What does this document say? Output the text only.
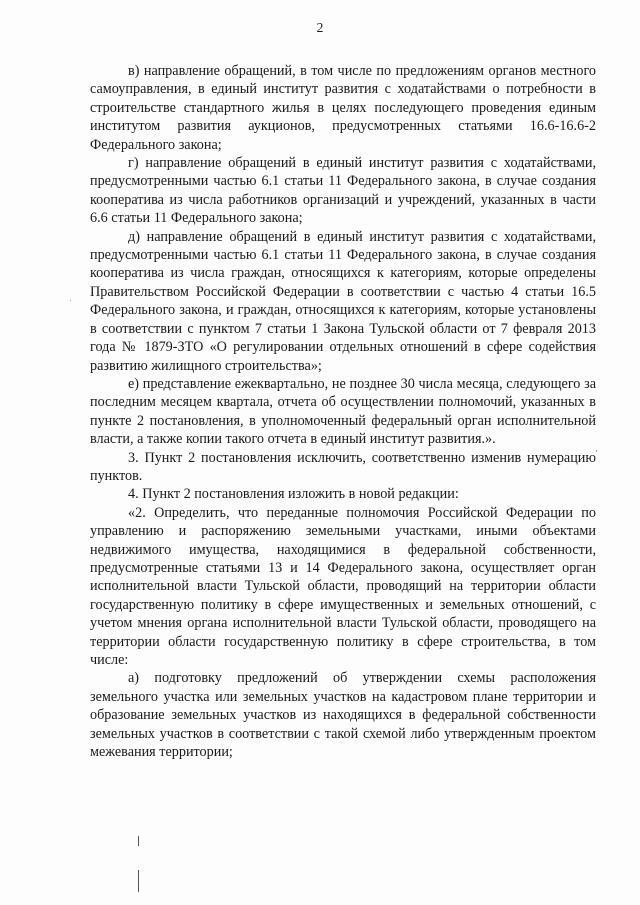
2

в) направление обращений, в том числе по предложениям органов местного самоуправления, в единый институт развития с ходатайствами о потребности в строительстве стандартного жилья в целях последующего проведения единым институтом развития аукционов, предусмотренных статьями 16.6-16.6-2 Федерального закона;

г) направление обращений в единый институт развития с ходатайствами, предусмотренными частью 6.1 статьи 11 Федерального закона, в случае создания кооператива из числа работников организаций и учреждений, указанных в части 6.6 статьи 11 Федерального закона;

д) направление обращений в единый институт развития с ходатайствами, предусмотренными частью 6.1 статьи 11 Федерального закона, в случае создания кооператива из числа граждан, относящихся к категориям, которые определены Правительством Российской Федерации в соответствии с частью 4 статьи 16.5 Федерального закона, и граждан, относящихся к категориям, которые установлены в соответствии с пунктом 7 статьи 1 Закона Тульской области от 7 февраля 2013 года № 1879-ЗТО «О регулировании отдельных отношений в сфере содействия развитию жилищного строительства»;

е) представление ежеквартально, не позднее 30 числа месяца, следующего за последним месяцем квартала, отчета об осуществлении полномочий, указанных в пункте 2 постановления, в уполномоченный федеральный орган исполнительной власти, а также копии такого отчета в единый институт развития.».

3. Пункт 2 постановления исключить, соответственно изменив нумерацию пунктов.

4. Пункт 2 постановления изложить в новой редакции:

«2. Определить, что переданные полномочия Российской Федерации по управлению и распоряжению земельными участками, иными объектами недвижимого имущества, находящимися в федеральной собственности, предусмотренные статьями 13 и 14 Федерального закона, осуществляет орган исполнительной власти Тульской области, проводящий на территории области государственную политику в сфере имущественных и земельных отношений, с учетом мнения органа исполнительной власти Тульской области, проводящего на территории области государственную политику в сфере строительства, в том числе:

а) подготовку предложений об утверждении схемы расположения земельного участка или земельных участков на кадастровом плане территории и образование земельных участков из находящихся в федеральной собственности земельных участков в соответствии с такой схемой либо утвержденным проектом межевания территории;
